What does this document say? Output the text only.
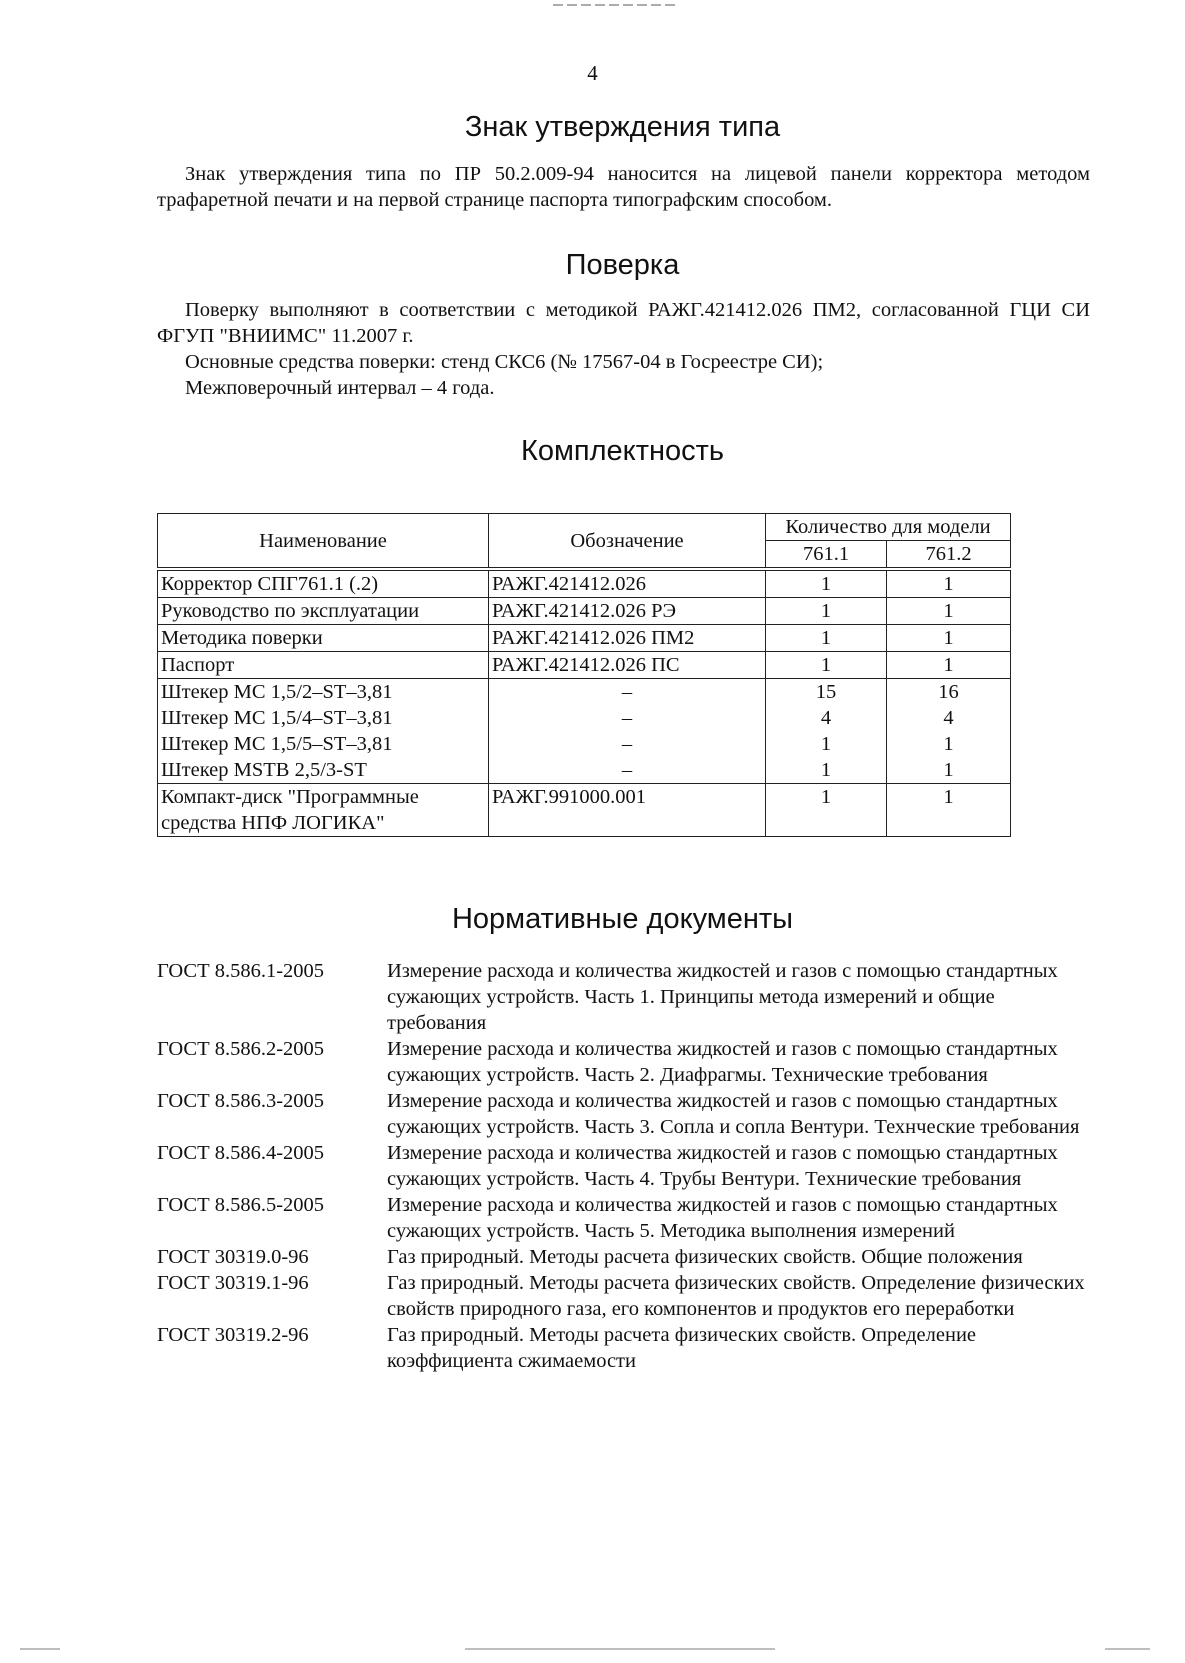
4
Знак утверждения типа

Знак утверждения типа по ПР 50.2.009-94 наносится на лицевой панели корректора методом трафаретной печати и на первой странице паспорта типографским способом.

Поверка

Поверку выполняют в соответствии с методикой РАЖГ.421412.026 ПМ2, согласованной ГЦИ СИ ФГУП "ВНИИМС" 11.2007 г.

Основные средства поверки: стенд СКС6 (№ 17567-04 в Госреестре СИ);

Межповерочный интервал – 4 года.

Комплектность
Наименование	Обозначение	Количество для модели	
		761.1	761.2
Корректор СПГ761.1 (.2)	РАЖГ.421412.026	1	1
Руководство по эксплуатации	РАЖГ.421412.026 РЭ	1	1
Методика поверки	РАЖГ.421412.026 ПМ2	1	1
Паспорт	РАЖГ.421412.026 ПС	1	1
Штекер MC 1,5/2–ST–3,81	–	15	16
Штекер MC 1,5/4–ST–3,81	–	4	4
Штекер MC 1,5/5–ST–3,81	–	1	1
Штекер MSTB 2,5/3-ST	–	1	1
Компакт-диск "Программные средства НПФ ЛОГИКА"	РАЖГ.991000.001	1	1
Нормативные документы
ГОСТ 8.586.1-2005	Измерение расхода и количества жидкостей и газов с помощью стандартных сужающих устройств. Часть 1. Принципы метода измерений и общие требования
ГОСТ 8.586.2-2005	Измерение расхода и количества жидкостей и газов с помощью стандартных сужающих устройств. Часть 2. Диафрагмы. Технические требования
ГОСТ 8.586.3-2005	Измерение расхода и количества жидкостей и газов с помощью стандартных сужающих устройств. Часть 3. Сопла и сопла Вентури. Технческие требования
ГОСТ 8.586.4-2005	Измерение расхода и количества жидкостей и газов с помощью стандартных сужающих устройств. Часть 4. Трубы Вентури. Технические требования
ГОСТ 8.586.5-2005	Измерение расхода и количества жидкостей и газов с помощью стандартных сужающих устройств. Часть 5. Методика выполнения измерений
ГОСТ 30319.0-96	Газ природный. Методы расчета физических свойств. Общие положения
ГОСТ 30319.1-96	Газ природный. Методы расчета физических свойств. Определение физических свойств природного газа, его компонентов и продуктов его переработки
ГОСТ 30319.2-96	Газ природный. Методы расчета физических свойств. Определение коэффициента сжимаемости
